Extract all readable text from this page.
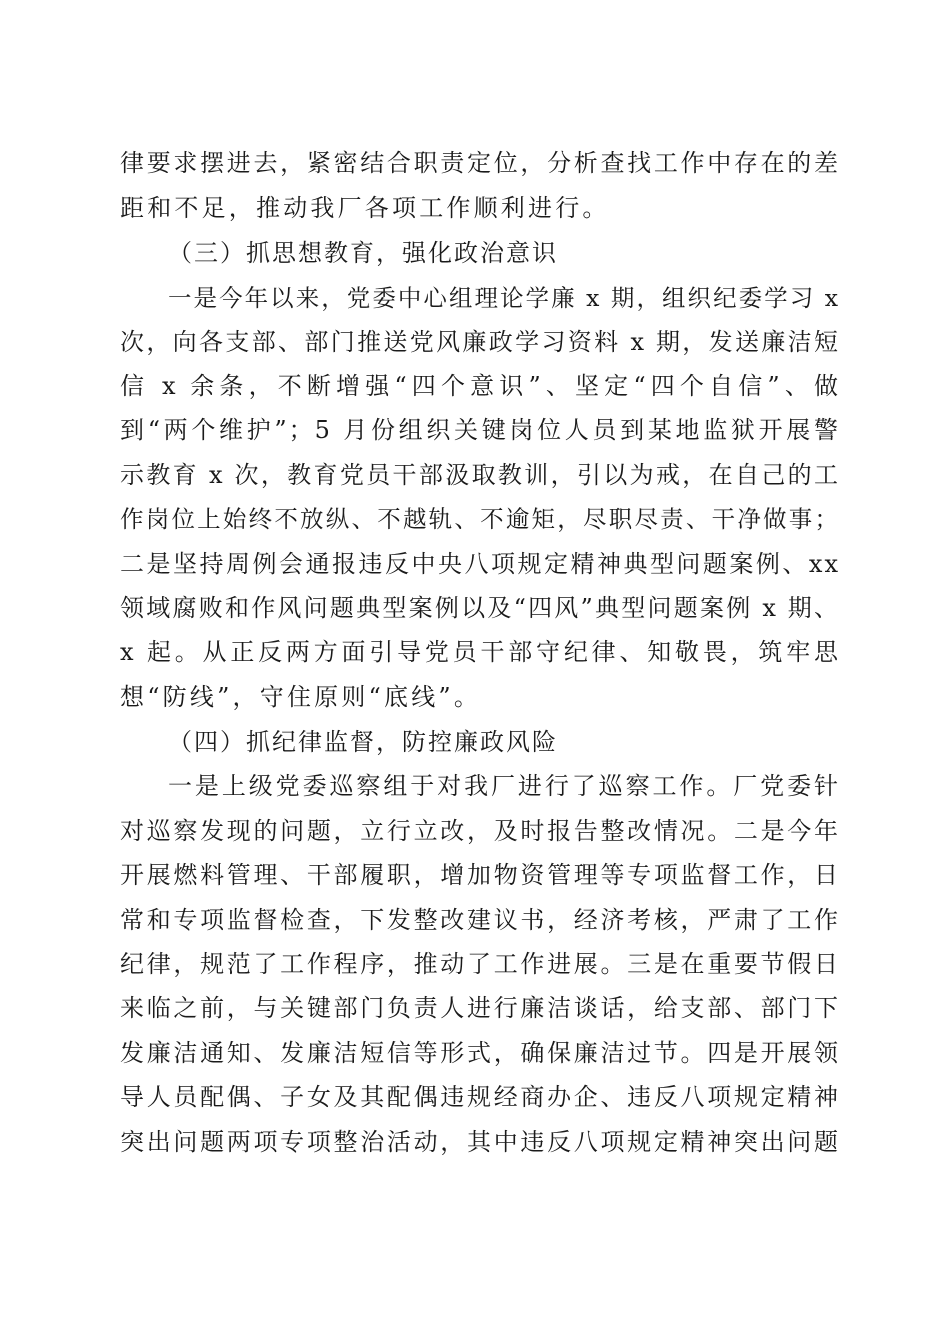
律要求摆进去，紧密结合职责定位，分析查找工作中存在的差
距和不足，推动我厂各项工作顺利进行。
（三）抓思想教育，强化政治意识
一是今年以来，党委中心组理论学廉 x 期，组织纪委学习 x
次，向各支部、部门推送党风廉政学习资料 x 期，发送廉洁短
信 x 余条，不断增强“四个意识”、坚定“四个自信”、做
到“两个维护”；5 月份组织关键岗位人员到某地监狱开展警
示教育 x 次，教育党员干部汲取教训，引以为戒，在自己的工
作岗位上始终不放纵、不越轨、不逾矩，尽职尽责、干净做事；
二是坚持周例会通报违反中央八项规定精神典型问题案例、xx
领域腐败和作风问题典型案例以及“四风”典型问题案例 x 期、
x 起。从正反两方面引导党员干部守纪律、知敬畏，筑牢思
想“防线”，守住原则“底线”。
（四）抓纪律监督，防控廉政风险
一是上级党委巡察组于对我厂进行了巡察工作。厂党委针
对巡察发现的问题，立行立改，及时报告整改情况。二是今年
开展燃料管理、干部履职，增加物资管理等专项监督工作，日
常和专项监督检查，下发整改建议书，经济考核，严肃了工作
纪律，规范了工作程序，推动了工作进展。三是在重要节假日
来临之前，与关键部门负责人进行廉洁谈话，给支部、部门下
发廉洁通知、发廉洁短信等形式，确保廉洁过节。四是开展领
导人员配偶、子女及其配偶违规经商办企、违反八项规定精神
突出问题两项专项整治活动，其中违反八项规定精神突出问题
